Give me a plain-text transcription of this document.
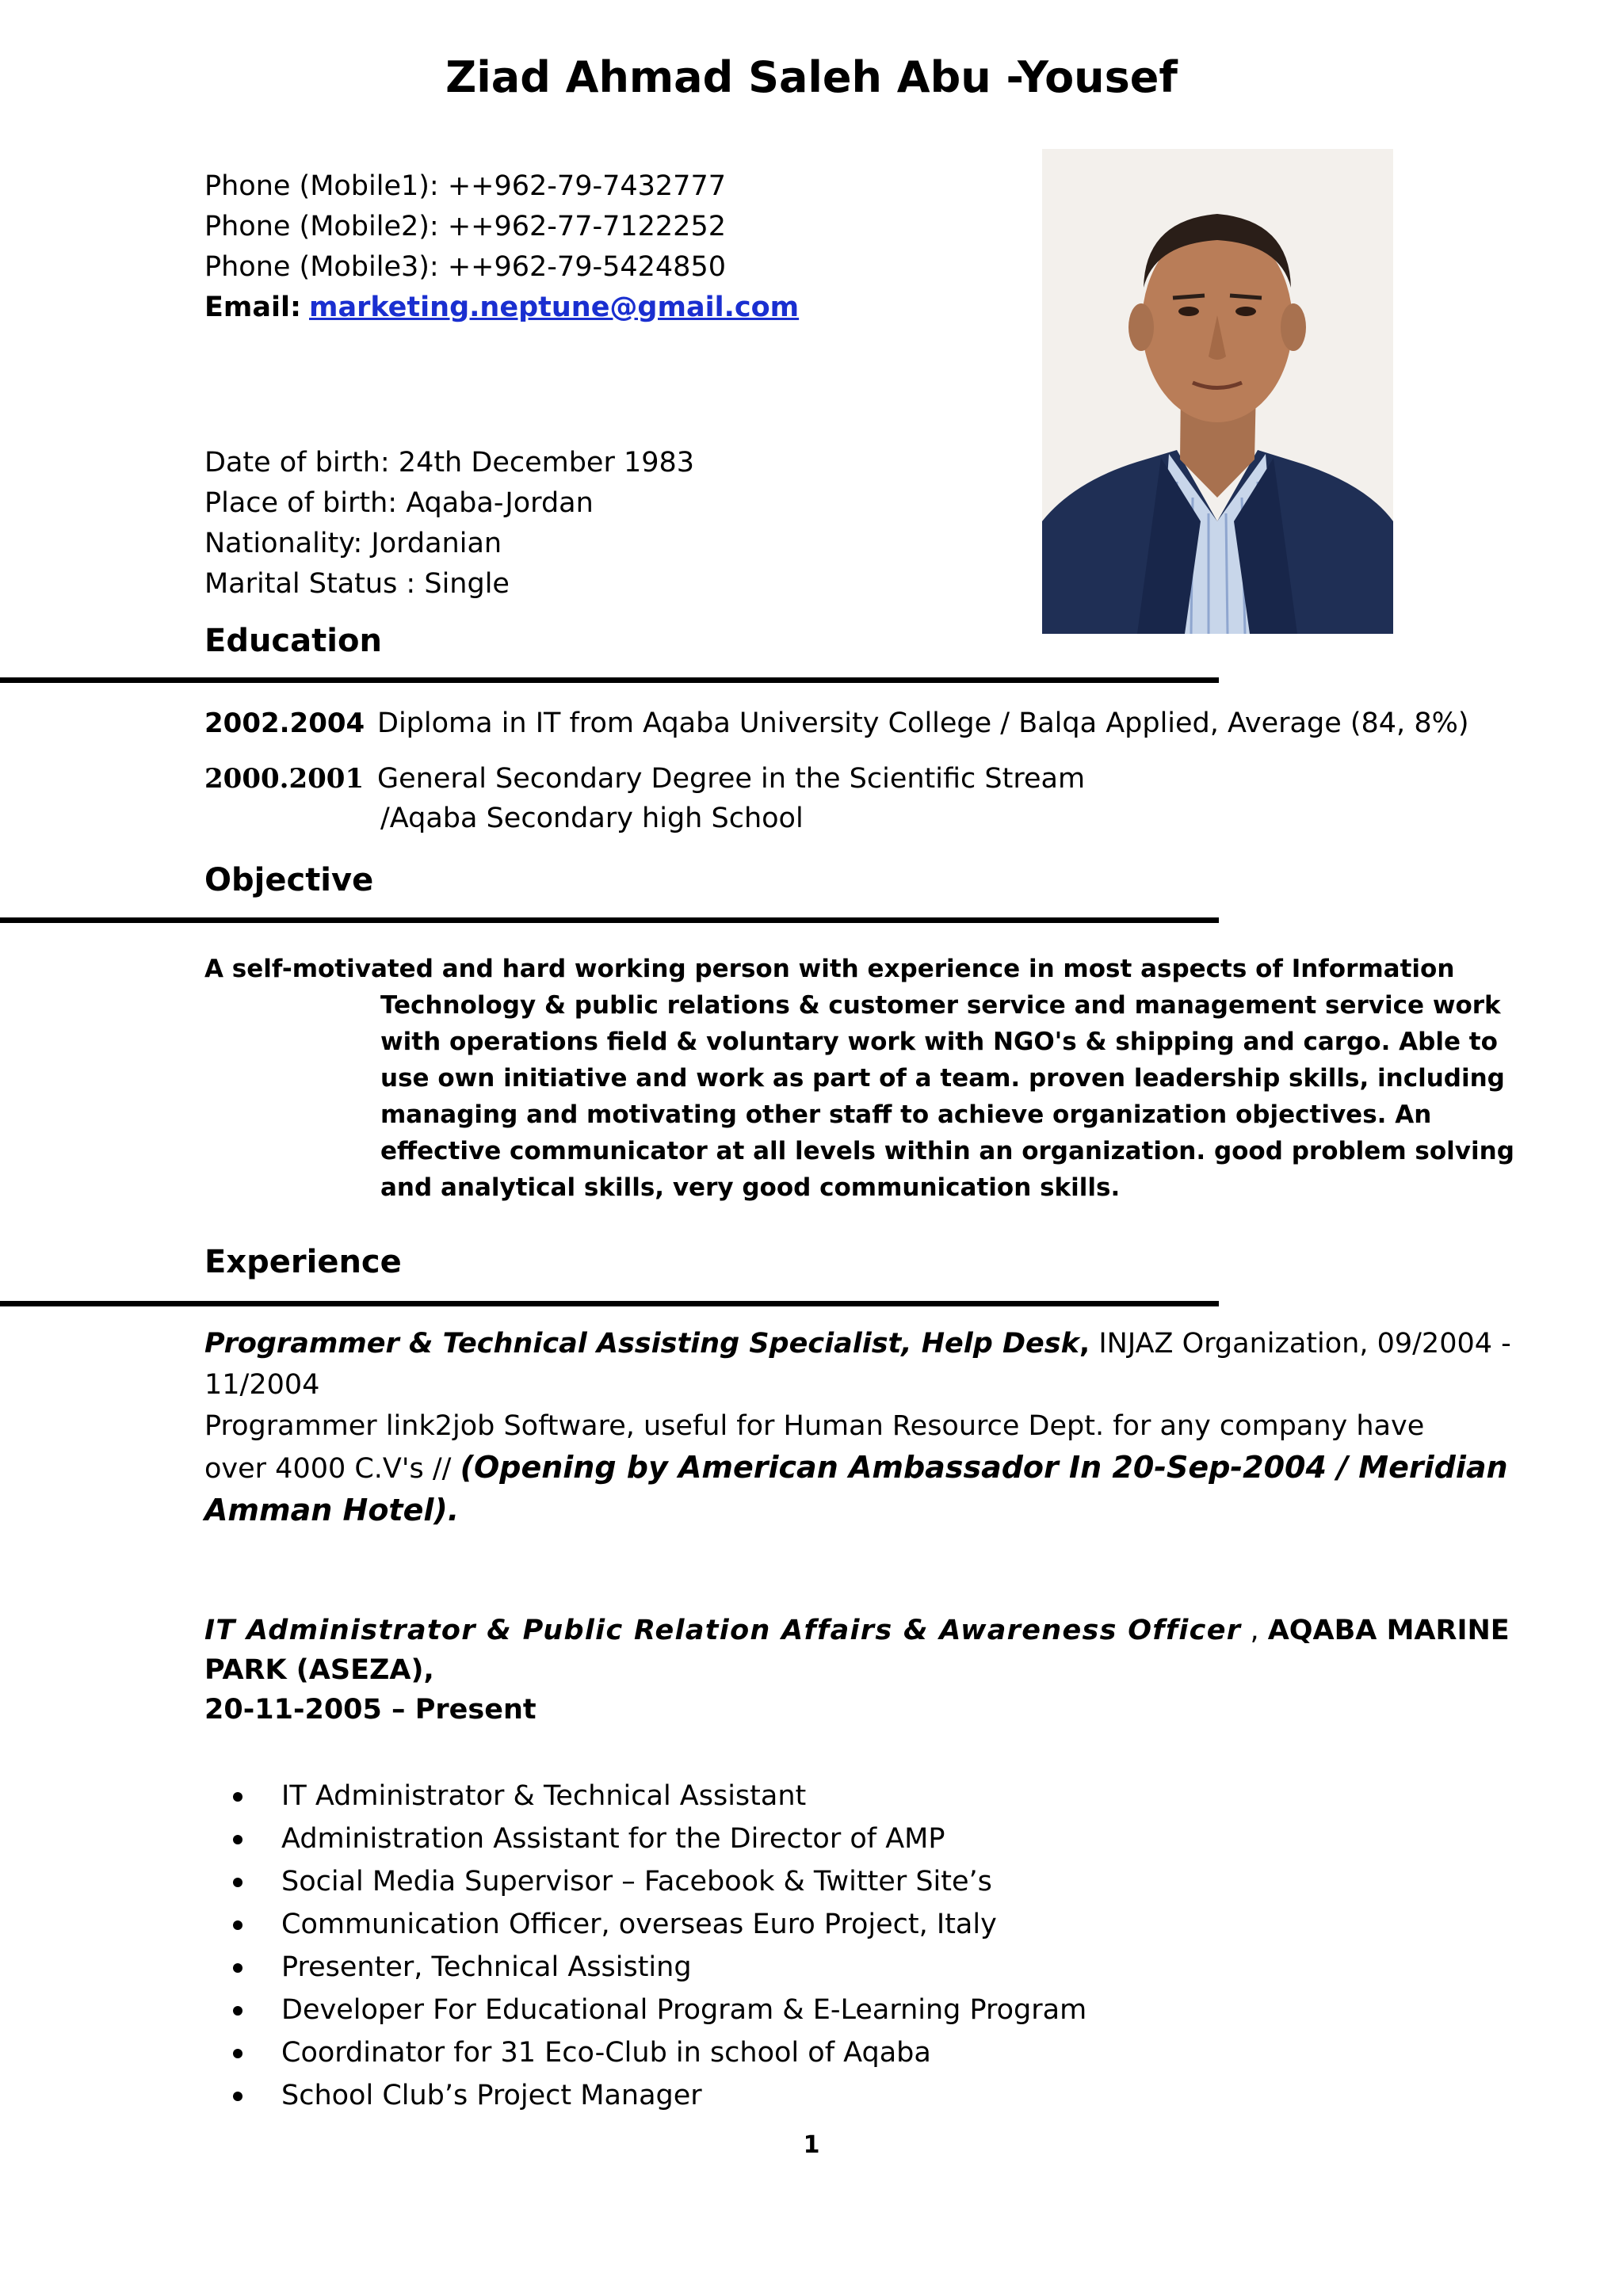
Ziad Ahmad Saleh Abu -Yousef
Phone (Mobile1): ++962-79-7432777
Phone (Mobile2): ++962-77-7122252
Phone (Mobile3): ++962-79-5424850
Email: marketing.neptune@gmail.com
Date of birth: 24th December 1983
Place of birth: Aqaba-Jordan
Nationality: Jordanian
Marital Status : Single
Education
2002.2004 Diploma in IT from Aqaba University College / Balqa Applied, Average (84, 8%)
2000.2001 General Secondary Degree in the Scientific Stream
/Aqaba Secondary high School
Objective
A self-motivated and hard working person with experience in most aspects of Information
Technology & public relations & customer service and management service work
with operations field & voluntary work with NGO's & shipping and cargo. Able to
use own initiative and work as part of a team. proven leadership skills, including
managing and motivating other staff to achieve organization objectives. An
effective communicator at all levels within an organization. good problem solving
and analytical skills, very good communication skills.
Experience
Programmer & Technical Assisting Specialist, Help Desk, INJAZ Organization, 09/2004 -
11/2004
Programmer link2job Software, useful for Human Resource Dept. for any company have
over 4000 C.V's // (Opening by American Ambassador In 20-Sep-2004 / Meridian
Amman Hotel).
IT Administrator & Public Relation Affairs & Awareness Officer , AQABA MARINE
PARK (ASEZA),
20-11-2005 – Present
IT Administrator & Technical Assistant
Administration Assistant for the Director of AMP
Social Media Supervisor – Facebook & Twitter Site’s
Communication Officer, overseas Euro Project, Italy
Presenter, Technical Assisting
Developer For Educational Program & E-Learning Program
Coordinator for 31 Eco-Club in school of Aqaba
School Club’s Project Manager
1
